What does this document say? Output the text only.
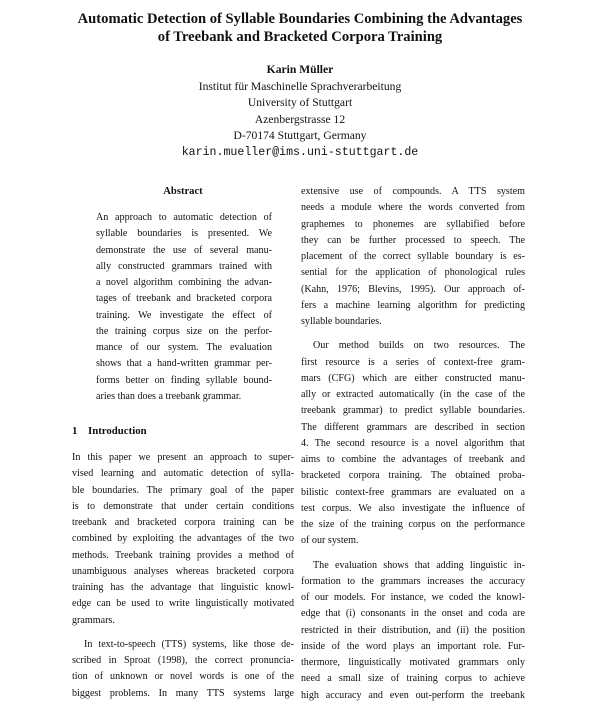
Automatic Detection of Syllable Boundaries Combining the Advantages
of Treebank and Bracketed Corpora Training
Karin Müller
Institut für Maschinelle Sprachverarbeitung
University of Stuttgart
Azenbergstrasse 12
D-70174 Stuttgart, Germany
karin.mueller@ims.uni-stuttgart.de
Abstract
An approach to automatic detection of
syllable boundaries is presented. We
demonstrate the use of several manu-
ally constructed grammars trained with
a novel algorithm combining the advan-
tages of treebank and bracketed corpora
training. We investigate the effect of
the training corpus size on the perfor-
mance of our system. The evaluation
shows that a hand-written grammar per-
forms better on finding syllable bound-
aries than does a treebank grammar.
1 Introduction
In this paper we present an approach to super-
vised learning and automatic detection of sylla-
ble boundaries. The primary goal of the paper
is to demonstrate that under certain conditions
treebank and bracketed corpora training can be
combined by exploiting the advantages of the two
methods. Treebank training provides a method of
unambiguous analyses whereas bracketed corpora
training has the advantage that linguistic knowl-
edge can be used to write linguistically motivated
grammars.
In text-to-speech (TTS) systems, like those de-
scribed in Sproat (1998), the correct pronuncia-
tion of unknown or novel words is one of the
biggest problems. In many TTS systems large
extensive use of compounds. A TTS system
needs a module where the words converted from
graphemes to phonemes are syllabified before
they can be further processed to speech. The
placement of the correct syllable boundary is es-
sential for the application of phonological rules
(Kahn, 1976; Blevins, 1995). Our approach of-
fers a machine learning algorithm for predicting
syllable boundaries.
Our method builds on two resources. The
first resource is a series of context-free gram-
mars (CFG) which are either constructed manu-
ally or extracted automatically (in the case of the
treebank grammar) to predict syllable boundaries.
The different grammars are described in section
4. The second resource is a novel algorithm that
aims to combine the advantages of treebank and
bracketed corpora training. The obtained proba-
bilistic context-free grammars are evaluated on a
test corpus. We also investigate the influence of
the size of the training corpus on the performance
of our system.
The evaluation shows that adding linguistic in-
formation to the grammars increases the accuracy
of our models. For instance, we coded the knowl-
edge that (i) consonants in the onset and coda are
restricted in their distribution, and (ii) the position
inside of the word plays an important role. Fur-
thermore, linguistically motivated grammars only
need a small size of training corpus to achieve
high accuracy and even out-perform the treebank
